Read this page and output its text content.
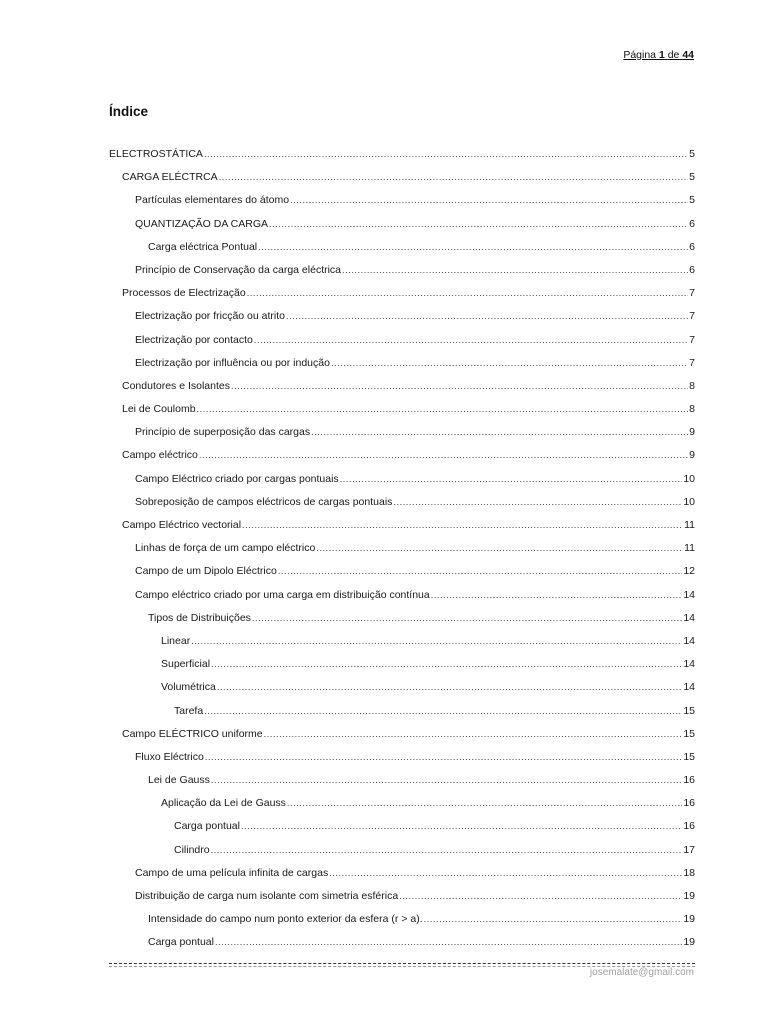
Página 1 de 44
Índice
ELECTROSTÁTICA .....	5
CARGA ELÉCTRCA .....	5
Partículas elementares do átomo .....	5
QUANTIZAÇÃO DA CARGA .....	6
Carga eléctrica Pontual .....	6
Princípio de Conservação da carga eléctrica .....	6
Processos de Electrização .....	7
Electrização por fricção ou atrito .....	7
Electrização por contacto .....	7
Electrização por influência ou por indução .....	7
Condutores e Isolantes .....	8
Lei de Coulomb .....	8
Princípio de superposição das cargas .....	9
Campo eléctrico .....	9
Campo Eléctrico criado por cargas pontuais .....	10
Sobreposição de campos eléctricos de cargas pontuais .....	10
Campo Eléctrico vectorial .....	11
Linhas de força de um campo eléctrico .....	11
Campo de um Dipolo Eléctrico .....	12
Campo eléctrico criado por uma carga em distribuição contínua .....	14
Tipos de Distribuições .....	14
Linear .....	14
Superficial .....	14
Volumétrica .....	14
Tarefa .....	15
Campo ELÉCTRICO uniforme .....	15
Fluxo Eléctrico .....	15
Lei de Gauss .....	16
Aplicação da Lei de Gauss .....	16
Carga pontual .....	16
Cilindro .....	17
Campo de uma película infinita de cargas .....	18
Distribuição de carga num isolante com simetria esférica .....	19
Intensidade do campo num ponto exterior da esfera (r > a). .....	19
Carga pontual .....	19
josemalate@gmail.com
